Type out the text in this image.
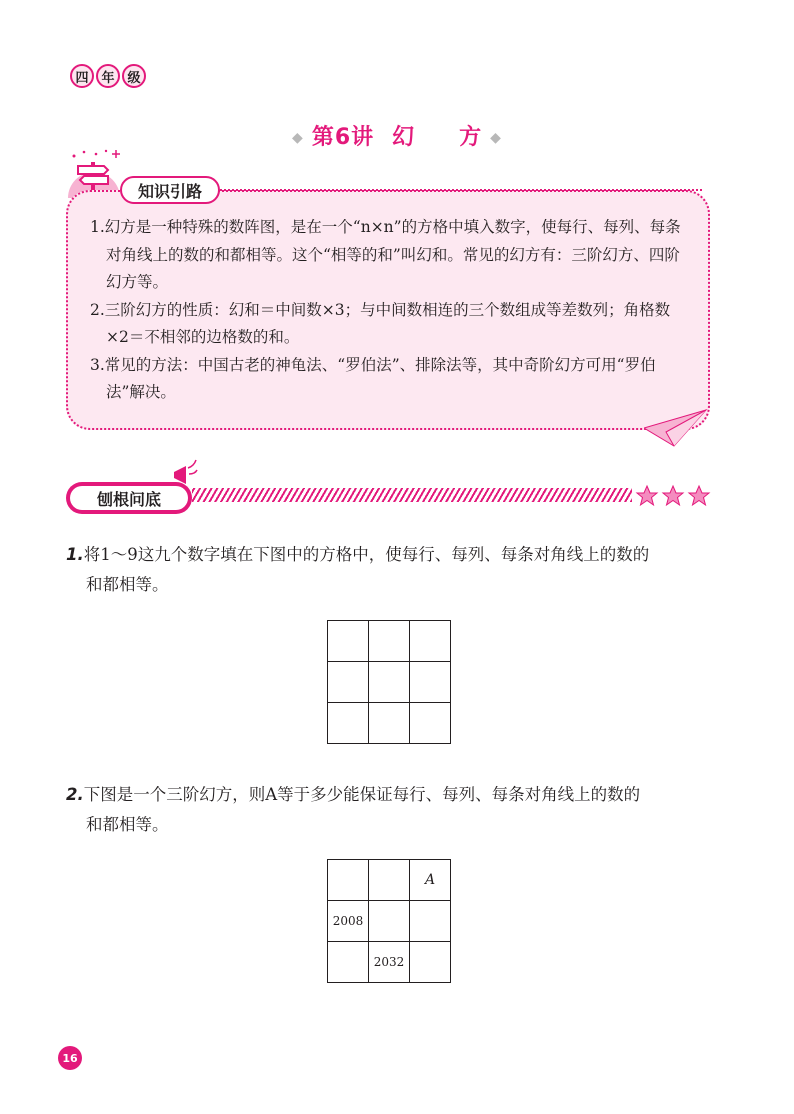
四 年 级
◆ 第6讲 幻 方 ◆
知识引路

1.幻方是一种特殊的数阵图，是在一个“n×n”的方格中填入数字，使每行、每列、每条对角线上的数的和都相等。这个“相等的和”叫幻和。常见的幻方有：三阶幻方、四阶幻方等。

2.三阶幻方的性质：幻和＝中间数×3；与中间数相连的三个数组成等差数列；角格数×2＝不相邻的边格数的和。

3.常见的方法：中国古老的神龟法、“罗伯法”、排除法等，其中奇阶幻方可用“罗伯法”解决。

刨根问底
1.将1～9这九个数字填在下图中的方格中，使每行、每列、每条对角线上的数的
和都相等。

2.下图是一个三阶幻方，则A等于多少能保证每行、每列、每条对角线上的数的
和都相等。
		A
2008		
	2032	
16
